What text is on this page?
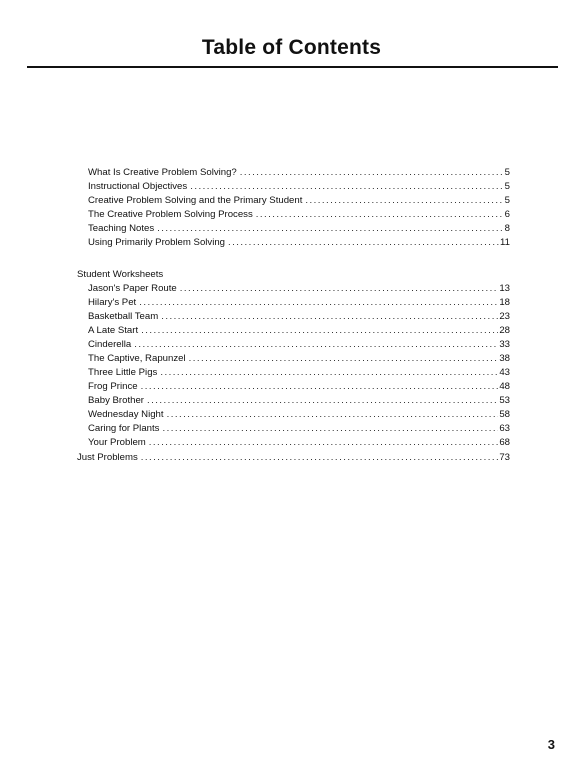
Table of Contents
What Is Creative Problem Solving? . . .	5
Instructional Objectives . . .	5
Creative Problem Solving and the Primary Student . . .	5
The Creative Problem Solving Process . . .	6
Teaching Notes . . .	8
Using Primarily Problem Solving . . .	11
Student Worksheets
Jason's Paper Route . . .	13
Hilary's Pet . . .	18
Basketball Team . . .	23
A Late Start . . .	28
Cinderella . . .	33
The Captive, Rapunzel . . .	38
Three Little Pigs . . .	43
Frog Prince . . .	48
Baby Brother . . .	53
Wednesday Night . . .	58
Caring for Plants . . .	63
Your Problem . . .	68
Just Problems . . .	73
3
